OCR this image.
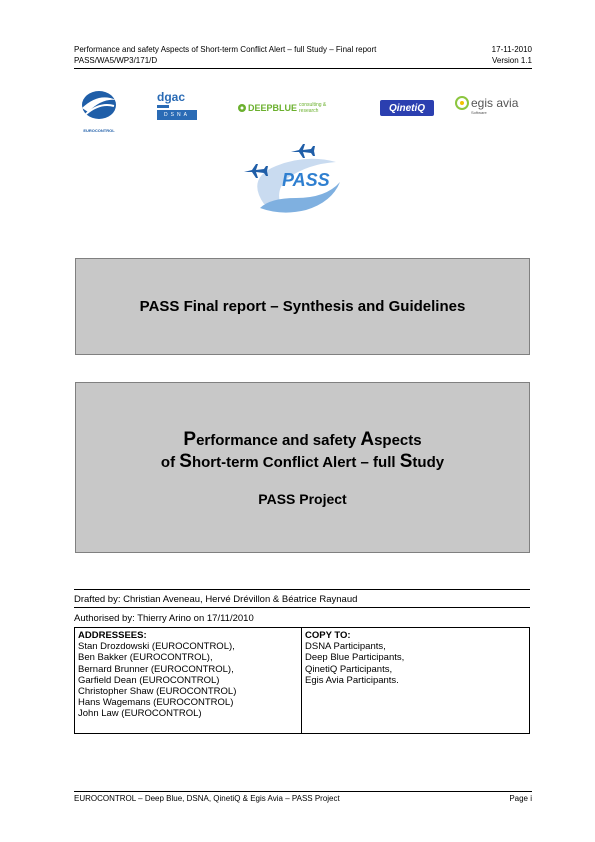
Performance and safety Aspects of Short-term Conflict Alert – full Study – Final report	17-11-2010
PASS/WA5/WP3/171/D	Version 1.1
EUROCONTROL
dgac
DSNA
DEEPBLUE consulting & research	QinetiQ	egis avia
Software
PASS
PASS Final report – Synthesis and Guidelines
Performance and safety Aspects
of Short-term Conflict Alert – full Study
PASS Project
Drafted by: Christian Aveneau, Hervé Drévillon & Béatrice Raynaud
Authorised by: Thierry Arino on 17/11/2010
ADDRESSEES:
Stan Drozdowski (EUROCONTROL),
Ben Bakker (EUROCONTROL),
Bernard Brunner (EUROCONTROL),
Garfield Dean (EUROCONTROL)
Christopher Shaw (EUROCONTROL)
Hans Wagemans (EUROCONTROL)
John Law (EUROCONTROL)
COPY TO:
DSNA Participants,
Deep Blue Participants,
QinetiQ Participants,
Egis Avia Participants.
EUROCONTROL – Deep Blue, DSNA, QinetiQ & Egis Avia – PASS Project	Page i
